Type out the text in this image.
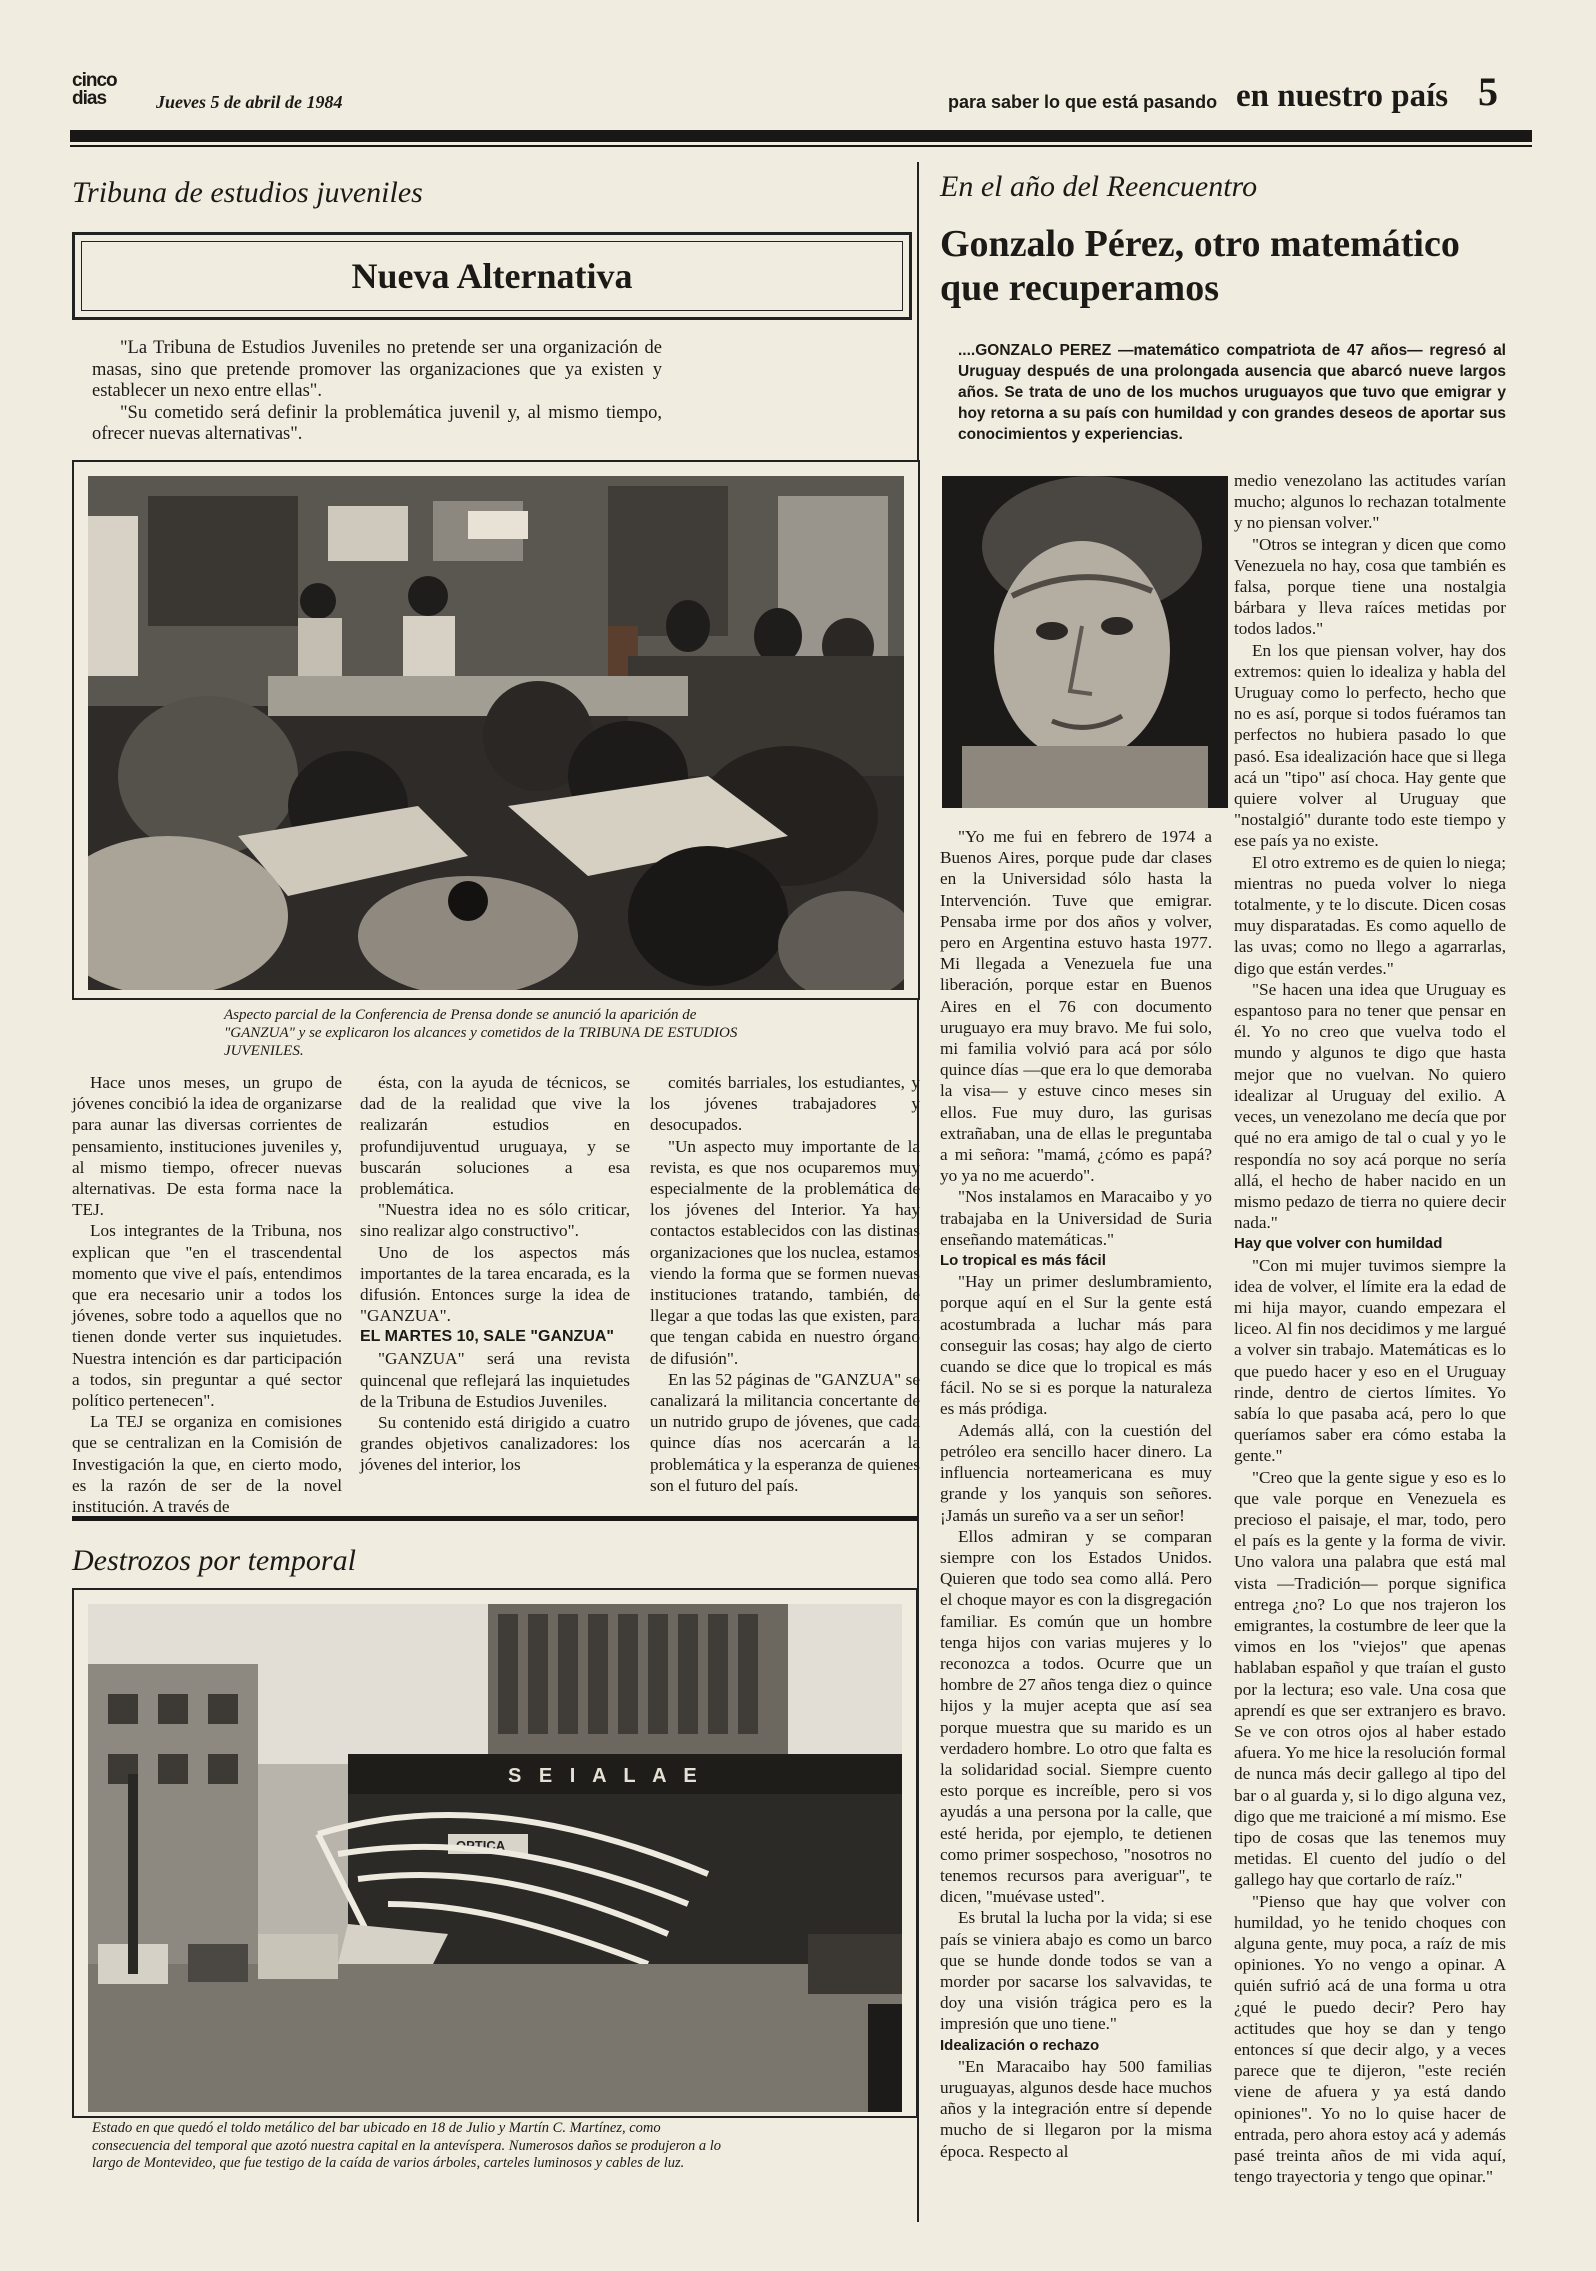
cinco
dias	Jueves 5 de abril de 1984	para saber lo que está pasando en nuestro país 5
Tribuna de estudios juveniles
Nueva Alternativa

"La Tribuna de Estudios Juveniles no pretende ser una organización de masas, sino que pretende promover las organizaciones que ya existen y establecer un nexo entre ellas".

"Su cometido será definir la problemática juvenil y, al mismo tiempo, ofrecer nuevas alternativas".

Aspecto parcial de la Conferencia de Prensa donde se anunció la aparición de "GANZUA" y se explicaron los alcances y cometidos de la TRIBUNA DE ESTUDIOS JUVENILES.

Hace unos meses, un grupo de jóvenes concibió la idea de organizarse para aunar las diversas corrientes de pensamiento, instituciones juveniles y, al mismo tiempo, ofrecer nuevas alternativas. De esta forma nace la TEJ.

Los integrantes de la Tribuna, nos explican que "en el trascendental momento que vive el país, entendimos que era necesario unir a todos los jóvenes, sobre todo a aquellos que no tienen donde verter sus inquietudes. Nuestra intención es dar participación a todos, sin preguntar a qué sector político pertenecen".

La TEJ se organiza en comisiones que se centralizan en la Comisión de Investigación la que, en cierto modo, es la razón de ser de la novel institución. A través de

ésta, con la ayuda de técnicos, se dad de la realidad que vive la realizarán estudios en profundijuventud uruguaya, y se buscarán soluciones a esa problemática.

"Nuestra idea no es sólo criticar, sino realizar algo constructivo".

Uno de los aspectos más importantes de la tarea encarada, es la difusión. Entonces surge la idea de "GANZUA".

EL MARTES 10, SALE "GANZUA"

"GANZUA" será una revista quincenal que reflejará las inquietudes de la Tribuna de Estudios Juveniles.

Su contenido está dirigido a cuatro grandes objetivos canalizadores: los jóvenes del interior, los

comités barriales, los estudiantes, y los jóvenes trabajadores y desocupados.

"Un aspecto muy importante de la revista, es que nos ocuparemos muy especialmente de la problemática de los jóvenes del Interior. Ya hay contactos establecidos con las distinas organizaciones que los nuclea, estamos viendo la forma que se formen nuevas instituciones tratando, también, de llegar a que todas las que existen, para que tengan cabida en nuestro órgano de difusión".

En las 52 páginas de "GANZUA" se canalizará la militancia concertante de un nutrido grupo de jóvenes, que cada quince días nos acercarán a la problemática y la esperanza de quienes son el futuro del país.

Destrozos por temporal
S E I A L A E
OPTICA
Estado en que quedó el toldo metálico del bar ubicado en 18 de Julio y Martín C. Martínez, como consecuencia del temporal que azotó nuestra capital en la antevíspera. Numerosos daños se produjeron a lo largo de Montevideo, que fue testigo de la caída de varios árboles, carteles luminosos y cables de luz.
En el año del Reencuentro
Gonzalo Pérez, otro matemático que recuperamos
....GONZALO PEREZ —matemático compatriota de 47 años— regresó al Uruguay después de una prolongada ausencia que abarcó nueve largos años. Se trata de uno de los muchos uruguayos que tuvo que emigrar y hoy retorna a su país con humildad y con grandes deseos de aportar sus conocimientos y experiencias.

"Yo me fui en febrero de 1974 a Buenos Aires, porque pude dar clases en la Universidad sólo hasta la Intervención. Tuve que emigrar. Pensaba irme por dos años y volver, pero en Argentina estuvo hasta 1977. Mi llegada a Venezuela fue una liberación, porque estar en Buenos Aires en el 76 con documento uruguayo era muy bravo. Me fui solo, mi familia volvió para acá por sólo quince días —que era lo que demoraba la visa— y estuve cinco meses sin ellos. Fue muy duro, las gurisas extrañaban, una de ellas le preguntaba a mi señora: "mamá, ¿cómo es papá? yo ya no me acuerdo".

"Nos instalamos en Maracaibo y yo trabajaba en la Universidad de Suria enseñando matemáticas."

Lo tropical es más fácil

"Hay un primer deslumbramiento, porque aquí en el Sur la gente está acostumbrada a luchar más para conseguir las cosas; hay algo de cierto cuando se dice que lo tropical es más fácil. No se si es porque la naturaleza es más pródiga.

Además allá, con la cuestión del petróleo era sencillo hacer dinero. La influencia norteamericana es muy grande y los yanquis son señores. ¡Jamás un sureño va a ser un señor!

Ellos admiran y se comparan siempre con los Estados Unidos. Quieren que todo sea como allá. Pero el choque mayor es con la disgregación familiar. Es común que un hombre tenga hijos con varias mujeres y lo reconozca a todos. Ocurre que un hombre de 27 años tenga diez o quince hijos y la mujer acepta que así sea porque muestra que su marido es un verdadero hombre. Lo otro que falta es la solidaridad social. Siempre cuento esto porque es increíble, pero si vos ayudás a una persona por la calle, que esté herida, por ejemplo, te detienen como primer sospechoso, "nosotros no tenemos recursos para averiguar", te dicen, "muévase usted".

Es brutal la lucha por la vida; si ese país se viniera abajo es como un barco que se hunde donde todos se van a morder por sacarse los salvavidas, te doy una visión trágica pero es la impresión que uno tiene."

Idealización o rechazo

"En Maracaibo hay 500 familias uruguayas, algunos desde hace muchos años y la integración entre sí depende mucho de si llegaron por la misma época. Respecto al

medio venezolano las actitudes varían mucho; algunos lo rechazan totalmente y no piensan volver."

"Otros se integran y dicen que como Venezuela no hay, cosa que también es falsa, porque tiene una nostalgia bárbara y lleva raíces metidas por todos lados."

En los que piensan volver, hay dos extremos: quien lo idealiza y habla del Uruguay como lo perfecto, hecho que no es así, porque si todos fuéramos tan perfectos no hubiera pasado lo que pasó. Esa idealización hace que si llega acá un "tipo" así choca. Hay gente que quiere volver al Uruguay que "nostalgió" durante todo este tiempo y ese país ya no existe.

El otro extremo es de quien lo niega; mientras no pueda volver lo niega totalmente, y te lo discute. Dicen cosas muy disparatadas. Es como aquello de las uvas; como no llego a agarrarlas, digo que están verdes."

"Se hacen una idea que Uruguay es espantoso para no tener que pensar en él. Yo no creo que vuelva todo el mundo y algunos te digo que hasta mejor que no vuelvan. No quiero idealizar al Uruguay del exilio. A veces, un venezolano me decía que por qué no era amigo de tal o cual y yo le respondía no soy acá porque no sería allá, el hecho de haber nacido en un mismo pedazo de tierra no quiere decir nada."

Hay que volver con humildad

"Con mi mujer tuvimos siempre la idea de volver, el límite era la edad de mi hija mayor, cuando empezara el liceo. Al fin nos decidimos y me largué a volver sin trabajo. Matemáticas es lo que puedo hacer y eso en el Uruguay rinde, dentro de ciertos límites. Yo sabía lo que pasaba acá, pero lo que queríamos saber era cómo estaba la gente."

"Creo que la gente sigue y eso es lo que vale porque en Venezuela es precioso el paisaje, el mar, todo, pero el país es la gente y la forma de vivir. Uno valora una palabra que está mal vista —Tradición— porque significa entrega ¿no? Lo que nos trajeron los emigrantes, la costumbre de leer que la vimos en los "viejos" que apenas hablaban español y que traían el gusto por la lectura; eso vale. Una cosa que aprendí es que ser extranjero es bravo. Se ve con otros ojos al haber estado afuera. Yo me hice la resolución formal de nunca más decir gallego al tipo del bar o al guarda y, si lo digo alguna vez, digo que me traicioné a mí mismo. Ese tipo de cosas que las tenemos muy metidas. El cuento del judío o del gallego hay que cortarlo de raíz."

"Pienso que hay que volver con humildad, yo he tenido choques con alguna gente, muy poca, a raíz de mis opiniones. Yo no vengo a opinar. A quién sufrió acá de una forma u otra ¿qué le puedo decir? Pero hay actitudes que hoy se dan y tengo entonces sí que decir algo, y a veces parece que te dijeron, "este recién viene de afuera y ya está dando opiniones". Yo no lo quise hacer de entrada, pero ahora estoy acá y además pasé treinta años de mi vida aquí, tengo trayectoria y tengo que opinar."
